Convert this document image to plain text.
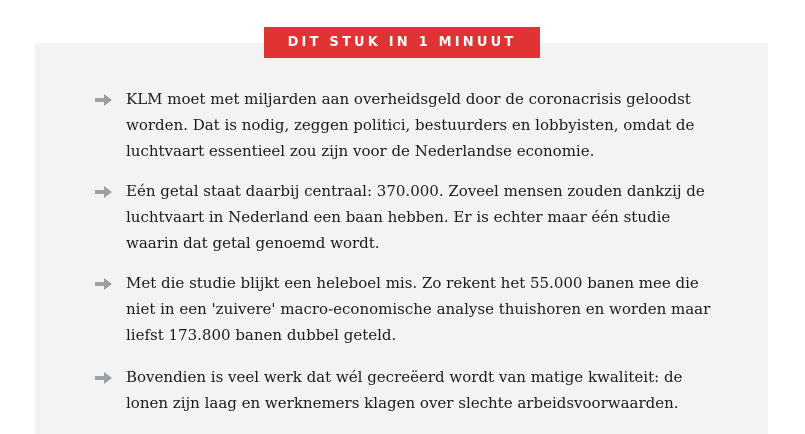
KLM moet met miljarden aan overheidsgeld door de coronacrisis geloodst worden. Dat is nodig, zeggen politici, bestuurders en lobbyisten, omdat de luchtvaart essentieel zou zijn voor de Nederlandse economie.

Eén getal staat daarbij centraal: 370.000. Zoveel mensen zouden dankzij de luchtvaart in Nederland een baan hebben. Er is echter maar één studie waarin dat getal genoemd wordt.

Met die studie blijkt een heleboel mis. Zo rekent het 55.000 banen mee die niet in een 'zuivere' macro-economische analyse thuishoren en worden maar liefst 173.800 banen dubbel geteld.

Bovendien is veel werk dat wél gecreëerd wordt van matige kwaliteit: de lonen zijn laag en werknemers klagen over slechte arbeidsvoorwaarden.

DIT STUK IN 1 MINUUT
